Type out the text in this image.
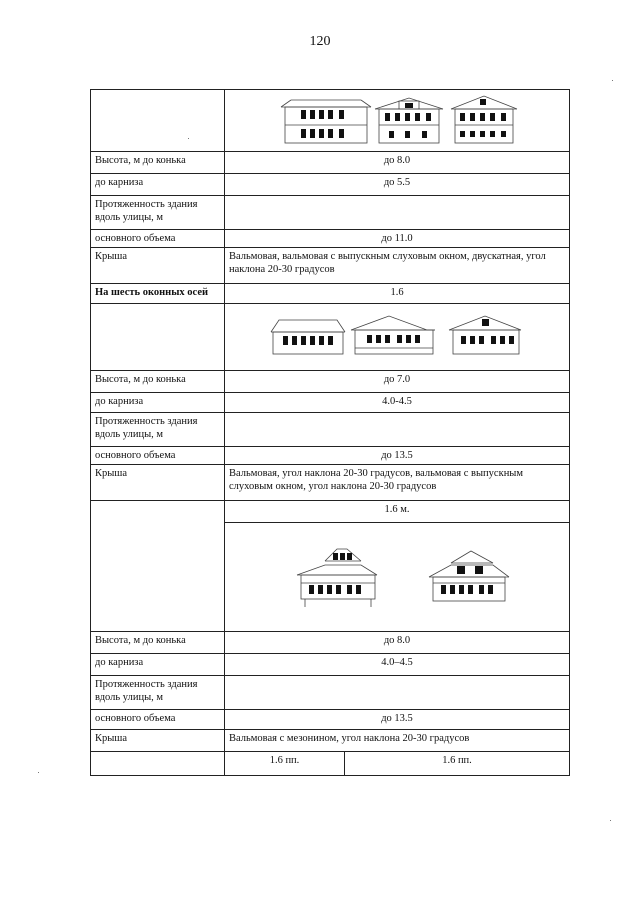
120

Высота, м до конька	до 8.0	
до карниза	до 5.5	
Протяженность здания вдоль улицы, м		
основного объема	до 11.0	
Крыша	Вальмовая, вальмовая с выпускным слуховым окном, двускатная, угол наклона 20-30 градусов	
На шесть оконных осей	1.6	

Высота, м до конька	до 7.0	
до карниза	4.0-4.5	
Протяженность здания вдоль улицы, м		
основного объема	до 13.5	
Крыша	Вальмовая, угол наклона 20-30 градусов, вальмовая с выпускным слуховым окном, угол наклона 20-30 градусов	
	1.6 м.	

Высота, м до конька	до 8.0	
до карниза	4.0–4.5	
Протяженность здания вдоль улицы, м		
основного объема	до 13.5	
Крыша	Вальмовая с мезонином, угол наклона 20-30 градусов	
	1.6 пп.	1.6 пп.
